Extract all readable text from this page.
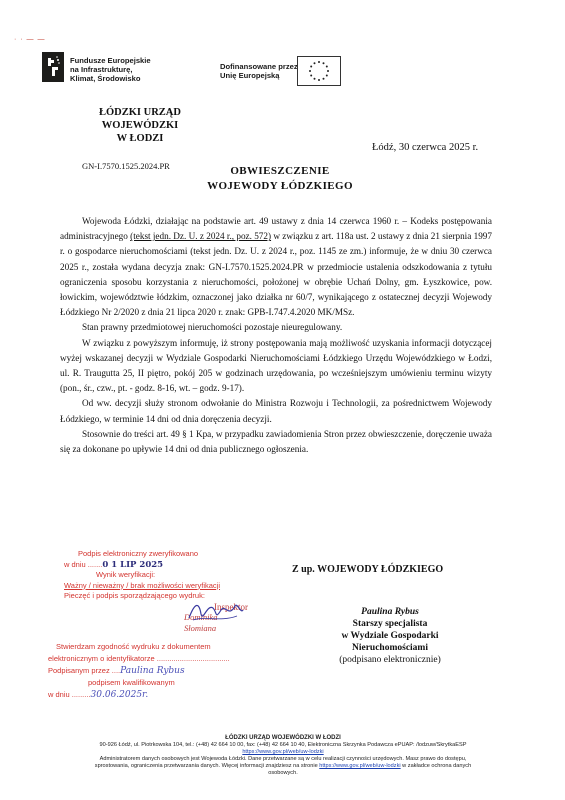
· · — —
Fundusze Europejskie
na Infrastrukturę,
Klimat, Środowisko
Dofinansowane przez
Unię Europejską
ŁÓDZKI URZĄD WOJEWÓDZKI
W ŁODZI
Łódź, 30 czerwca 2025 r.
GN-I.7570.1525.2024.PR	OBWIESZCZENIE
WOJEWODY ŁÓDZKIEGO

Wojewoda Łódzki, działając na podstawie art. 49 ustawy z dnia 14 czerwca 1960 r. – Kodeks postępowania administracyjnego (tekst jedn. Dz. U. z 2024 r., poz. 572) w związku z art. 118a ust. 2 ustawy z dnia 21 sierpnia 1997 r. o gospodarce nieruchomościami (tekst jedn. Dz. U. z 2024 r., poz. 1145 ze zm.) informuje, że w dniu 30 czerwca 2025 r., została wydana decyzja znak: GN-I.7570.1525.2024.PR w przedmiocie ustalenia odszkodowania z tytułu ograniczenia sposobu korzystania z nieruchomości, położonej w obrębie Ucha​ń Dolny, gm. Łyszkowice, pow. łowickim, województwie łódzkim, oznaczonej jako działka nr 60/7, wynikającego z ostatecznej decyzji Wojewody Łódzkiego Nr 2/2020 z dnia 21 lipca 2020 r. znak: GPB-I.747.4.2020 MK/MSz.

Stan prawny przedmiotowej nieruchomości pozostaje nieuregulowany.

W związku z powyższym informuję, iż strony postępowania mają możliwość uzyskania informacji dotyczącej wyżej wskazanej decyzji w Wydziale Gospodarki Nieruchomościami Łódzkiego Urzędu Wojewódzkiego w Łodzi, ul. R. Traugutta 25, II piętro, pokój 205 w godzinach urzędowania, po wcześniejszym umówieniu terminu wizyty (pon., śr., czw., pt. - godz. 8-16, wt. – godz. 9-17).

Od ww. decyzji służy stronom odwołanie do Ministra Rozwoju i Technologii, za pośrednictwem Wojewody Łódzkiego, w terminie 14 dni od dnia doręczenia decyzji.

Stosownie do treści art. 49 § 1 Kpa, w przypadku zawiadomienia Stron przez obwieszczenie, doręczenie uważa się za dokonane po upływie 14 dni od dnia publicznego ogłoszenia.

Podpis elektroniczny zweryfikowano
w dniu .......0 1 LIP 2025
Wynik weryfikacji:
Ważny / nieważny / brak możliwości weryfikacji
Pieczęć i podpis sporządzającego wydruk:
Inspektor
Dominika Słomiana
Stwierdzam zgodność wydruku z dokumentem
elektronicznym o identyfikatorze ...................................
Podpisanym przez ....Paulina Rybus
podpisem kwalifikowanym
w dniu .........30.06.2025r.
Z up. WOJEWODY ŁÓDZKIEGO
Paulina Rybus
Starszy specjalista
w Wydziale Gospodarki
Nieruchomościami
(podpisano elektronicznie)
ŁÓDZKI URZĄD WOJEWÓDZKI W ŁODZI
90-926 Łódź, ul. Piotrkowska 104, tel.: (+48) 42 664 10 00, fax: (+48) 42 664 10 40, Elektroniczna Skrzynka Podawcza ePUAP: /lodzuw/SkrytkaESP
https://www.gov.pl/web/uw-lodzki
Administratorem danych osobowych jest Wojewoda Łódzki. Dane przetwarzane są w celu realizacji czynności urzędowych. Masz prawo do dostępu,
sprostowania, ograniczenia przetwarzania danych. Więcej informacji znajdziesz na stronie https://www.gov.pl/web/uw-lodzki w zakładce ochrona danych
osobowych.
